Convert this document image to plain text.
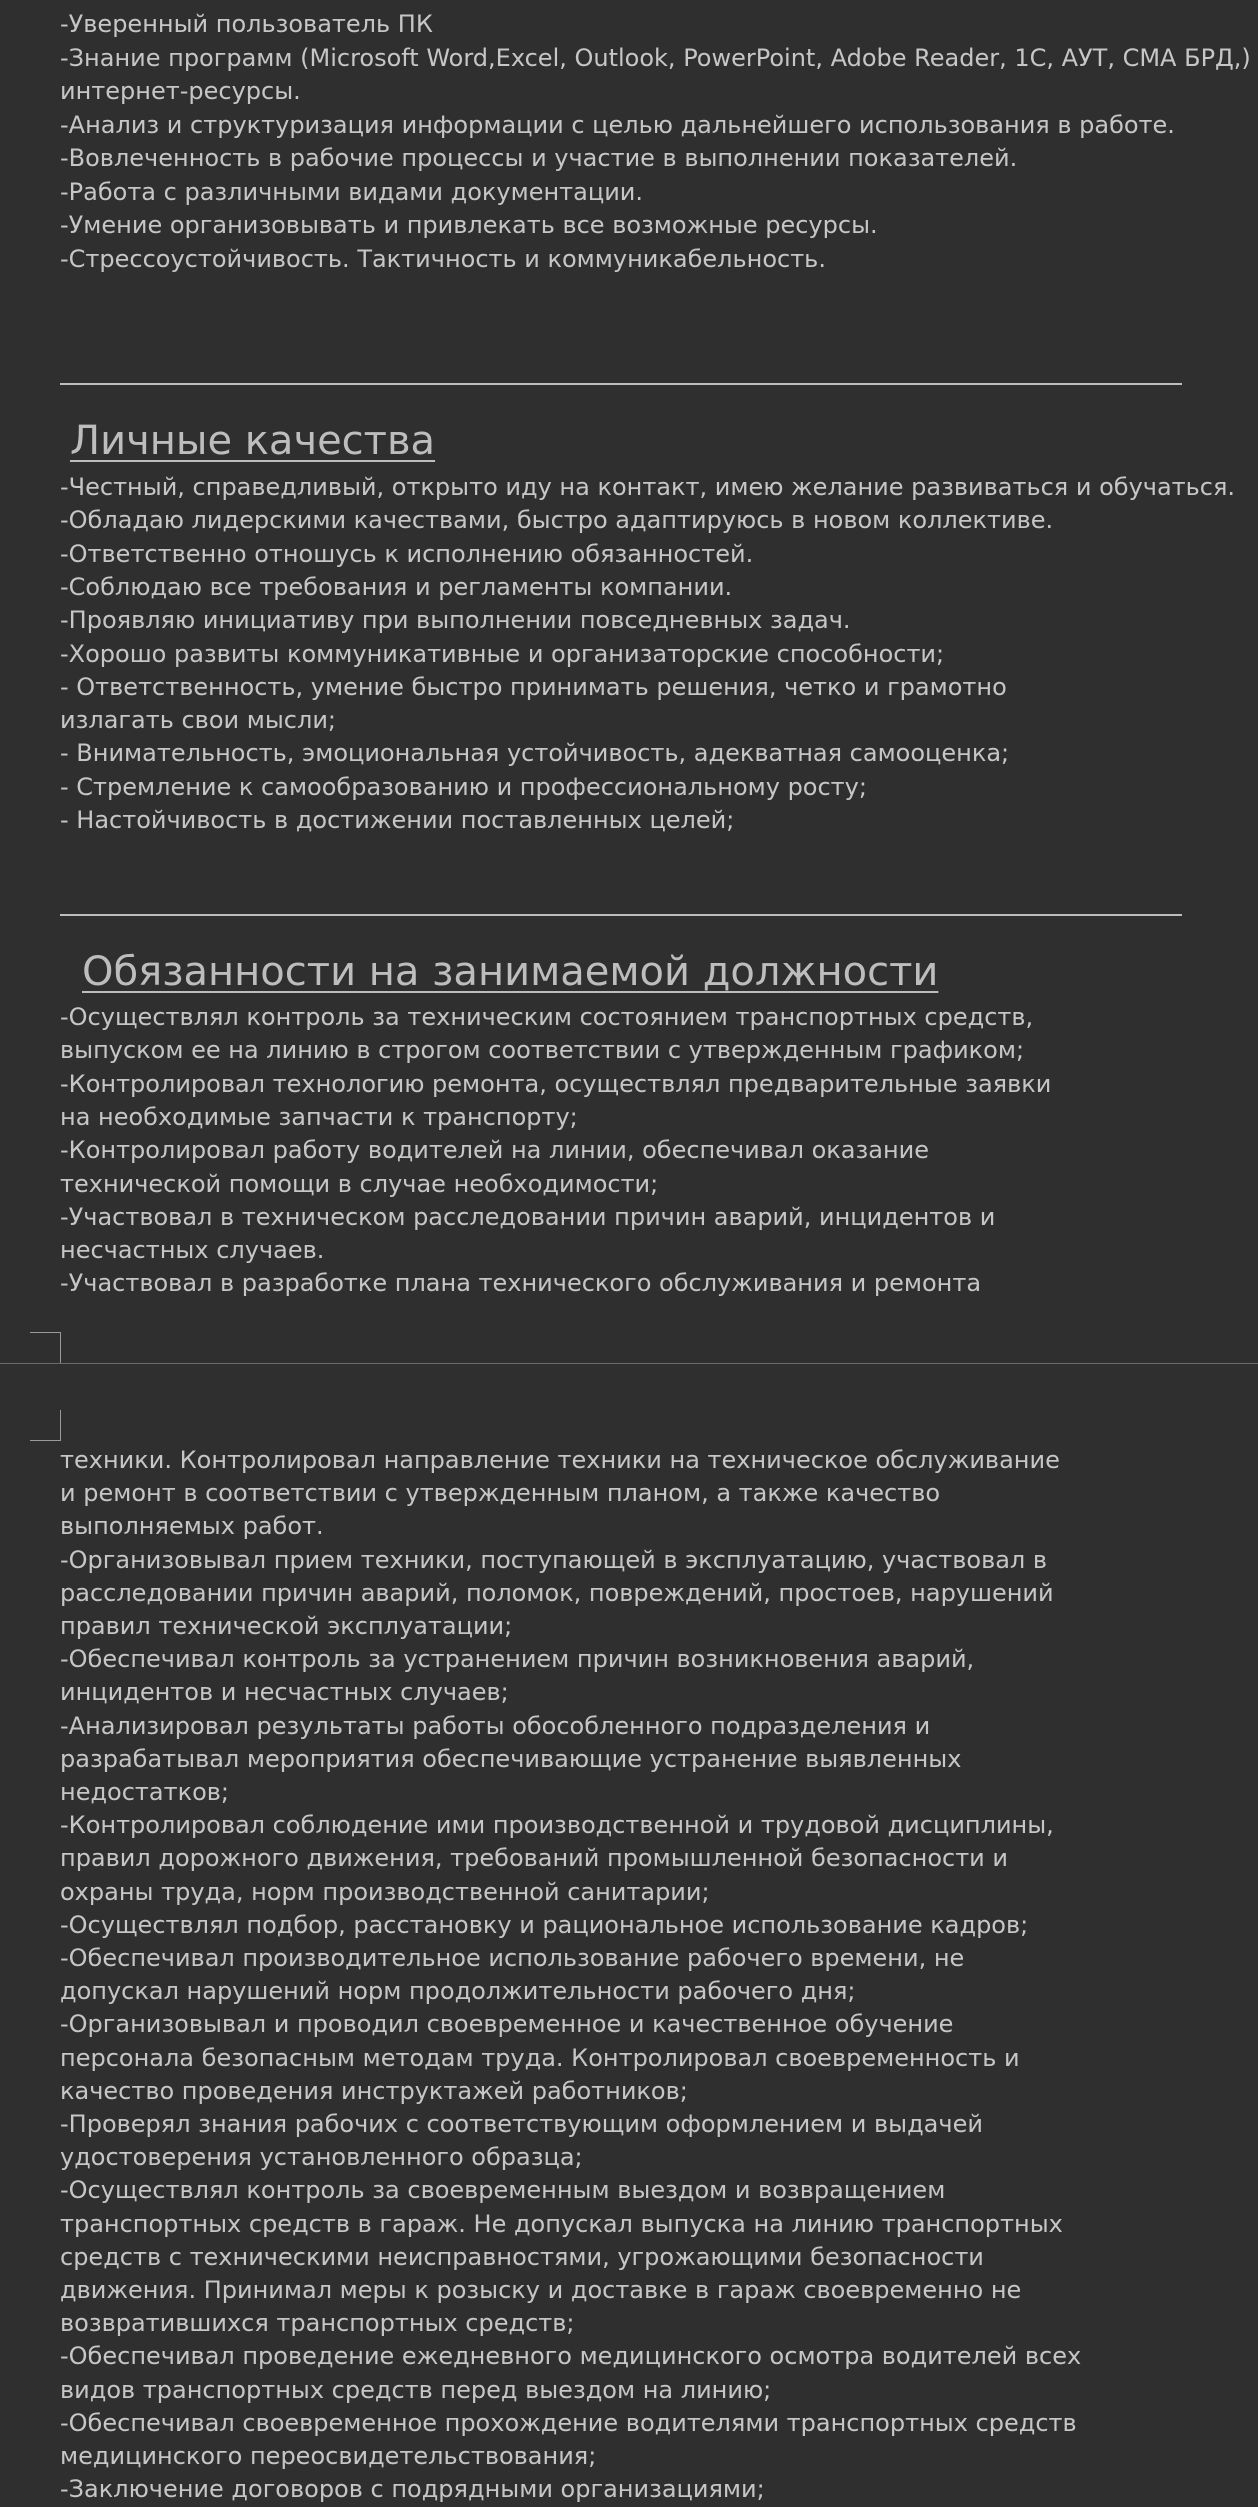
-Уверенный пользователь ПК
-Знание программ (Microsoft Word,Excel, Outlook, PowerPoint, Adobe Reader, 1С, АУТ, СМА БРД,)
интернет-ресурсы.
-Анализ и структуризация информации с целью дальнейшего использования в работе.
-Вовлеченность в рабочие процессы и участие в выполнении показателей.
-Работа с различными видами документации.
-Умение организовывать и привлекать все возможные ресурсы.
-Стрессоустойчивость. Тактичность и коммуникабельность.
Личные качества
-Честный, справедливый, открыто иду на контакт, имею желание развиваться и обучаться.
-Обладаю лидерскими качествами, быстро адаптируюсь в новом коллективе.
-Ответственно отношусь к исполнению обязанностей.
-Соблюдаю все требования и регламенты компании.
-Проявляю инициативу при выполнении повседневных задач.
-Хорошо развиты коммуникативные и организаторские способности;
- Ответственность, умение быстро принимать решения, четко и грамотно
излагать свои мысли;
- Внимательность, эмоциональная устойчивость, адекватная самооценка;
- Стремление к самообразованию и профессиональному росту;
- Настойчивость в достижении поставленных целей;
Обязанности на занимаемой должности
-Осуществлял контроль за техническим состоянием транспортных средств,
выпуском ее на линию в строгом соответствии с утвержденным графиком;
-Контролировал технологию ремонта, осуществлял предварительные заявки
на необходимые запчасти к транспорту;
-Контролировал работу водителей на линии, обеспечивал оказание
технической помощи в случае необходимости;
-Участвовал в техническом расследовании причин аварий, инцидентов и
несчастных случаев.
-Участвовал в разработке плана технического обслуживания и ремонта
техники. Контролировал направление техники на техническое обслуживание
и ремонт в соответствии с утвержденным планом, а также качество
выполняемых работ.
-Организовывал прием техники, поступающей в эксплуатацию, участвовал в
расследовании причин аварий, поломок, повреждений, простоев, нарушений
правил технической эксплуатации;
-Обеспечивал контроль за устранением причин возникновения аварий,
инцидентов и несчастных случаев;
-Анализировал результаты работы обособленного подразделения и
разрабатывал мероприятия обеспечивающие устранение выявленных
недостатков;
-Контролировал соблюдение ими производственной и трудовой дисциплины,
правил дорожного движения, требований промышленной безопасности и
охраны труда, норм производственной санитарии;
-Осуществлял подбор, расстановку и рациональное использование кадров;
-Обеспечивал производительное использование рабочего времени, не
допускал нарушений норм продолжительности рабочего дня;
-Организовывал и проводил своевременное и качественное обучение
персонала безопасным методам труда. Контролировал своевременность и
качество проведения инструктажей работников;
-Проверял знания рабочих с соответствующим оформлением и выдачей
удостоверения установленного образца;
-Осуществлял контроль за своевременным выездом и возвращением
транспортных средств в гараж. Не допускал выпуска на линию транспортных
средств с техническими неисправностями, угрожающими безопасности
движения. Принимал меры к розыску и доставке в гараж своевременно не
возвратившихся транспортных средств;
-Обеспечивал проведение ежедневного медицинского осмотра водителей всех
видов транспортных средств перед выездом на линию;
-Обеспечивал своевременное прохождение водителями транспортных средств
медицинского переосвидетельствования;
-Заключение договоров с подрядными организациями;
